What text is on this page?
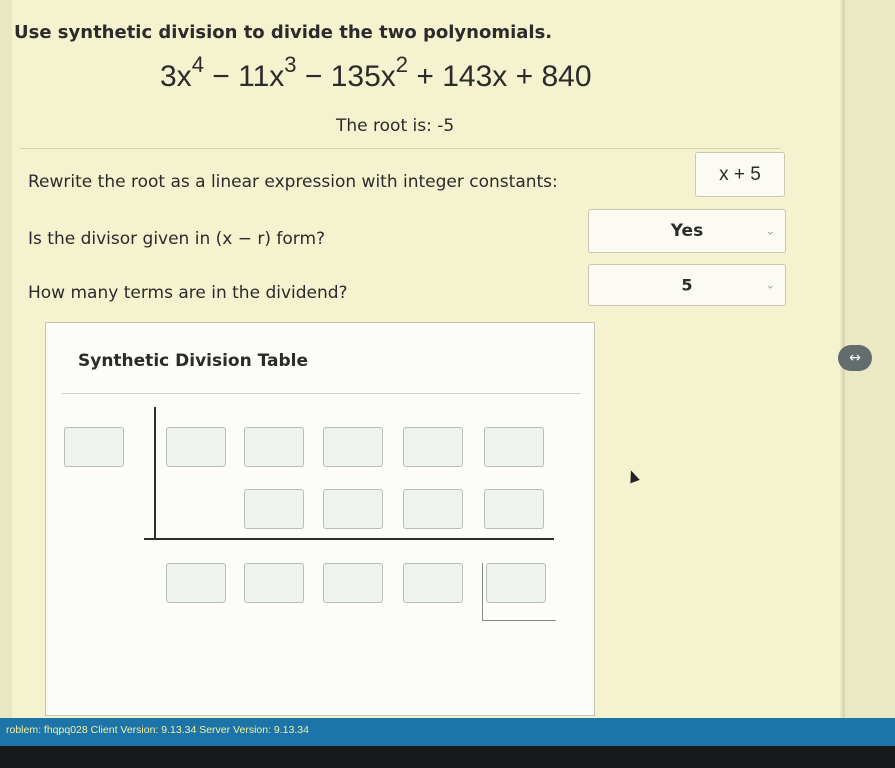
Use synthetic division to divide the two polynomials.
$3x^4 - 11x^3 - 135x^2 + 143x + 840$
The root is: -5
Rewrite the root as a linear expression with integer constants:	x + 5
Is the divisor given in (x − r) form?	Yes	⌄
How many terms are in the dividend?	5	⌄
Synthetic Division Table	↔
roblem: fhqpq028 Client Version: 9.13.34 Server Version: 9.13.34
